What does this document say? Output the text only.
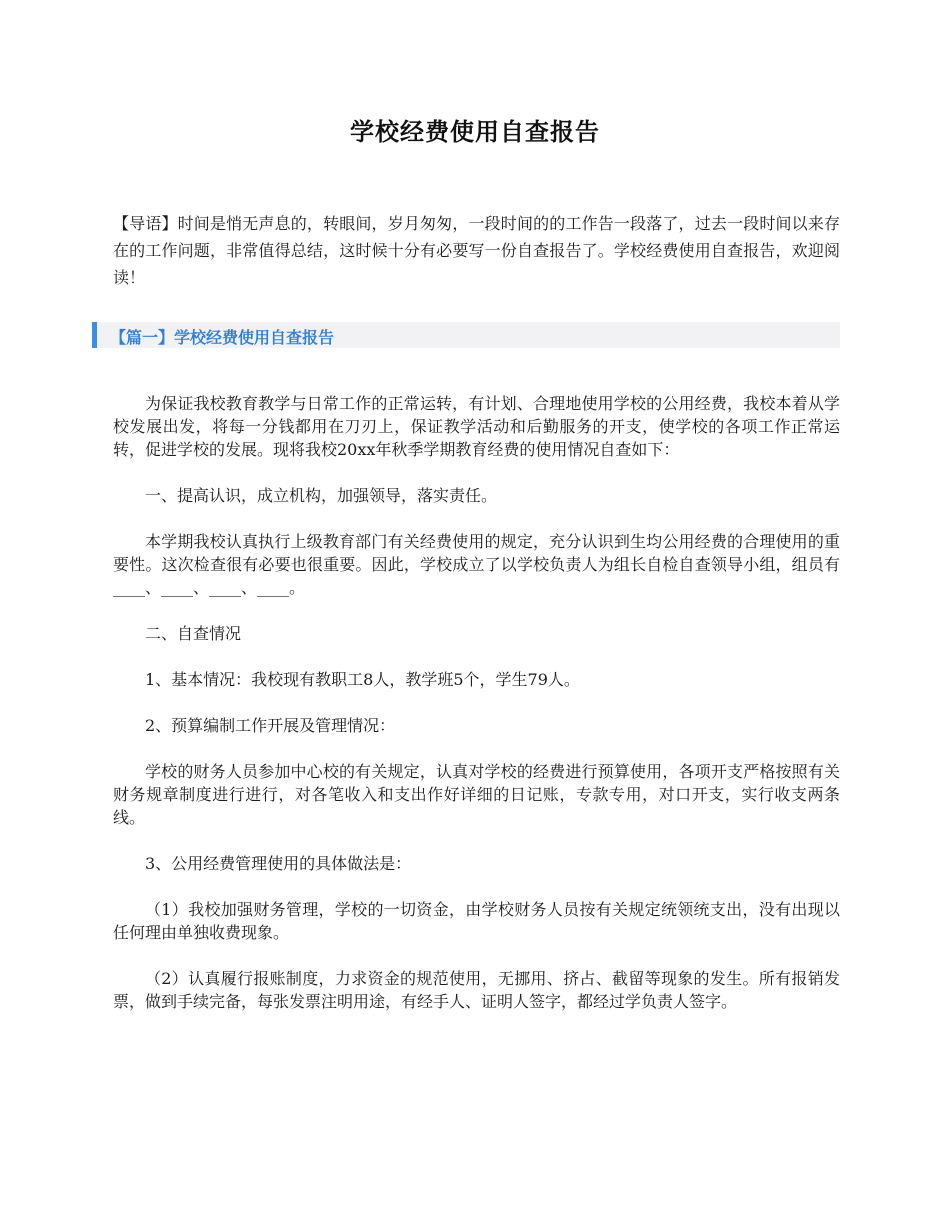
学校经费使用自查报告
【导语】时间是悄无声息的，转眼间，岁月匆匆，一段时间的的工作告一段落了，过去一段时间以来存在的工作问题，非常值得总结，这时候十分有必要写一份自查报告了。学校经费使用自查报告，欢迎阅读！
【篇一】学校经费使用自查报告

为保证我校教育教学与日常工作的正常运转，有计划、合理地使用学校的公用经费，我校本着从学校发展出发，将每一分钱都用在刀刃上，保证教学活动和后勤服务的开支，使学校的各项工作正常运转，促进学校的发展。现将我校20xx年秋季学期教育经费的使用情况自查如下：

一、提高认识，成立机构，加强领导，落实责任。

本学期我校认真执行上级教育部门有关经费使用的规定，充分认识到生均公用经费的合理使用的重要性。这次检查很有必要也很重要。因此，学校成立了以学校负责人为组长自检自查领导小组，组员有____、____、____、____。

二、自查情况

1、基本情况：我校现有教职工8人，教学班5个，学生79人。

2、预算编制工作开展及管理情况：

学校的财务人员参加中心校的有关规定，认真对学校的经费进行预算使用，各项开支严格按照有关财务规章制度进行进行，对各笔收入和支出作好详细的日记账，专款专用，对口开支，实行收支两条线。

3、公用经费管理使用的具体做法是：

（1）我校加强财务管理，学校的一切资金，由学校财务人员按有关规定统领统支出，没有出现以任何理由单独收费现象。

（2）认真履行报账制度，力求资金的规范使用，无挪用、挤占、截留等现象的发生。所有报销发票，做到手续完备，每张发票注明用途，有经手人、证明人签字，都经过学负责人签字。
